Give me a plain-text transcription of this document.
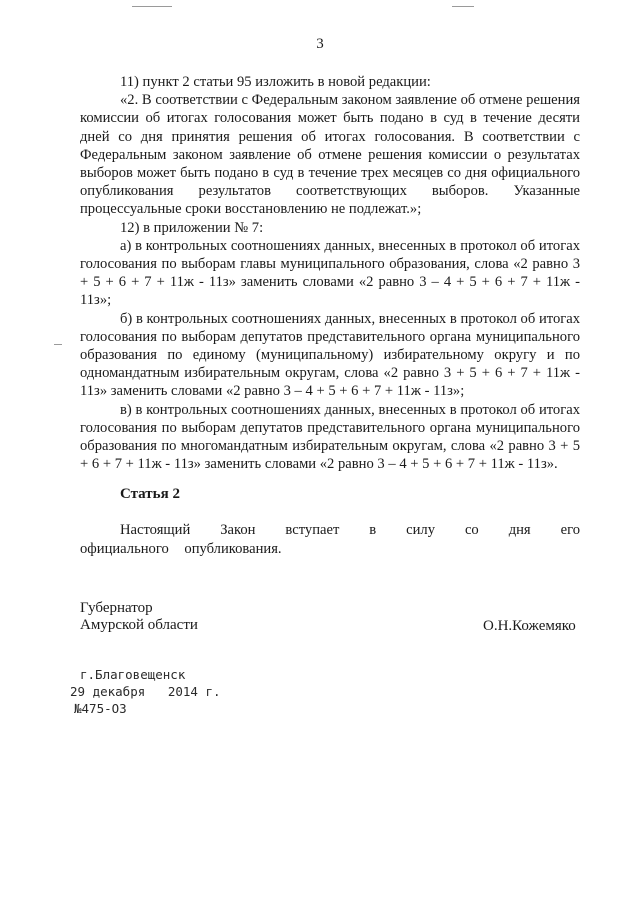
3

11) пункт 2 статьи 95 изложить в новой редакции:

«2. В соответствии с Федеральным законом заявление об отмене решения комиссии об итогах голосования может быть подано в суд в течение десяти дней со дня принятия решения об итогах голосования. В соответствии с Федеральным законом заявление об отмене решения комиссии о результатах выборов может быть подано в суд в течение трех месяцев со дня официального опубликования результатов соответствующих выборов. Указанные процессуальные сроки восстановлению не подлежат.»;

12) в приложении № 7:

а) в контрольных соотношениях данных, внесенных в протокол об итогах голосования по выборам главы муниципального образования, слова «2 равно 3 + 5 + 6 + 7 + 11ж - 11з» заменить словами «2 равно 3 – 4 + 5 + 6 + 7 + 11ж - 11з»;

б) в контрольных соотношениях данных, внесенных в протокол об итогах голосования по выборам депутатов представительного органа муниципального образования по единому (муниципальному) избирательному округу и по одномандатным избирательным округам, слова «2 равно 3 + 5 + 6 + 7 + 11ж - 11з» заменить словами «2 равно 3 – 4 + 5 + 6 + 7 + 11ж - 11з»;

в) в контрольных соотношениях данных, внесенных в протокол об итогах голосования по выборам депутатов представительного органа муниципального образования по многомандатным избирательным округам, слова «2 равно 3 + 5 + 6 + 7 + 11ж - 11з» заменить словами «2 равно 3 – 4 + 5 + 6 + 7 + 11ж - 11з».

Статья 2

Настоящий Закон вступает в силу со дня его официального опубликования.

Губернатор
Амурской области	О.Н.Кожемяко
г.Благовещенск
29 декабря   2014 г.
№475-ОЗ
